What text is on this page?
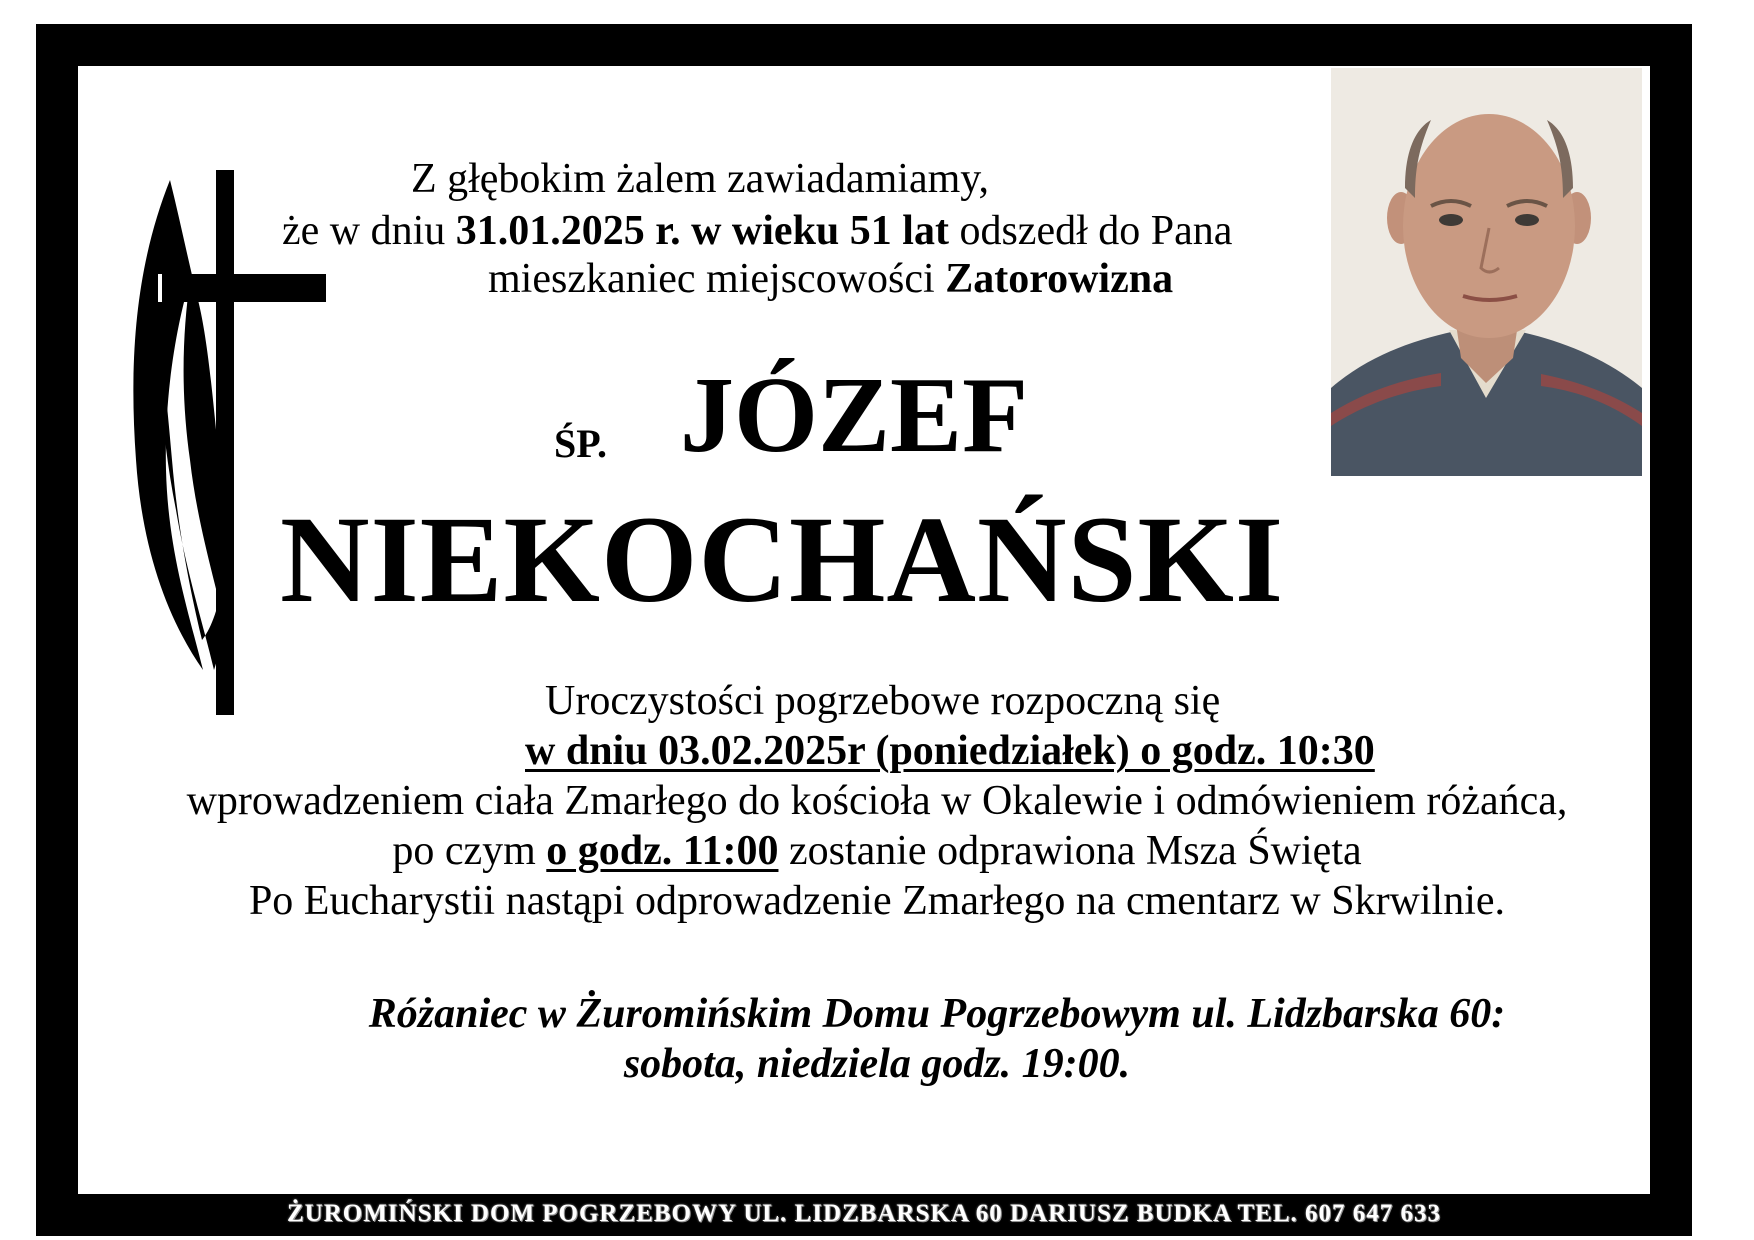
Z głębokim żalem zawiadamiamy,
że w dniu 31.01.2025 r. w wieku 51 lat odszedł do Pana
mieszkaniec miejscowości Zatorowizna
ŚP. JÓZEF
NIEKOCHAŃSKI
Uroczystości pogrzebowe rozpoczną się
w dniu 03.02.2025r (poniedziałek) o godz. 10:30
wprowadzeniem ciała Zmarłego do kościoła w Okalewie i odmówieniem różańca,
po czym o godz. 11:00 zostanie odprawiona Msza Święta
Po Eucharystii nastąpi odprowadzenie Zmarłego na cmentarz w Skrwilnie.
Różaniec w Żuromińskim Domu Pogrzebowym ul. Lidzbarska 60:
sobota, niedziela godz. 19:00.
ŻUROMIŃSKI DOM POGRZEBOWY UL. LIDZBARSKA 60 DARIUSZ BUDKA TEL. 607 647 633
